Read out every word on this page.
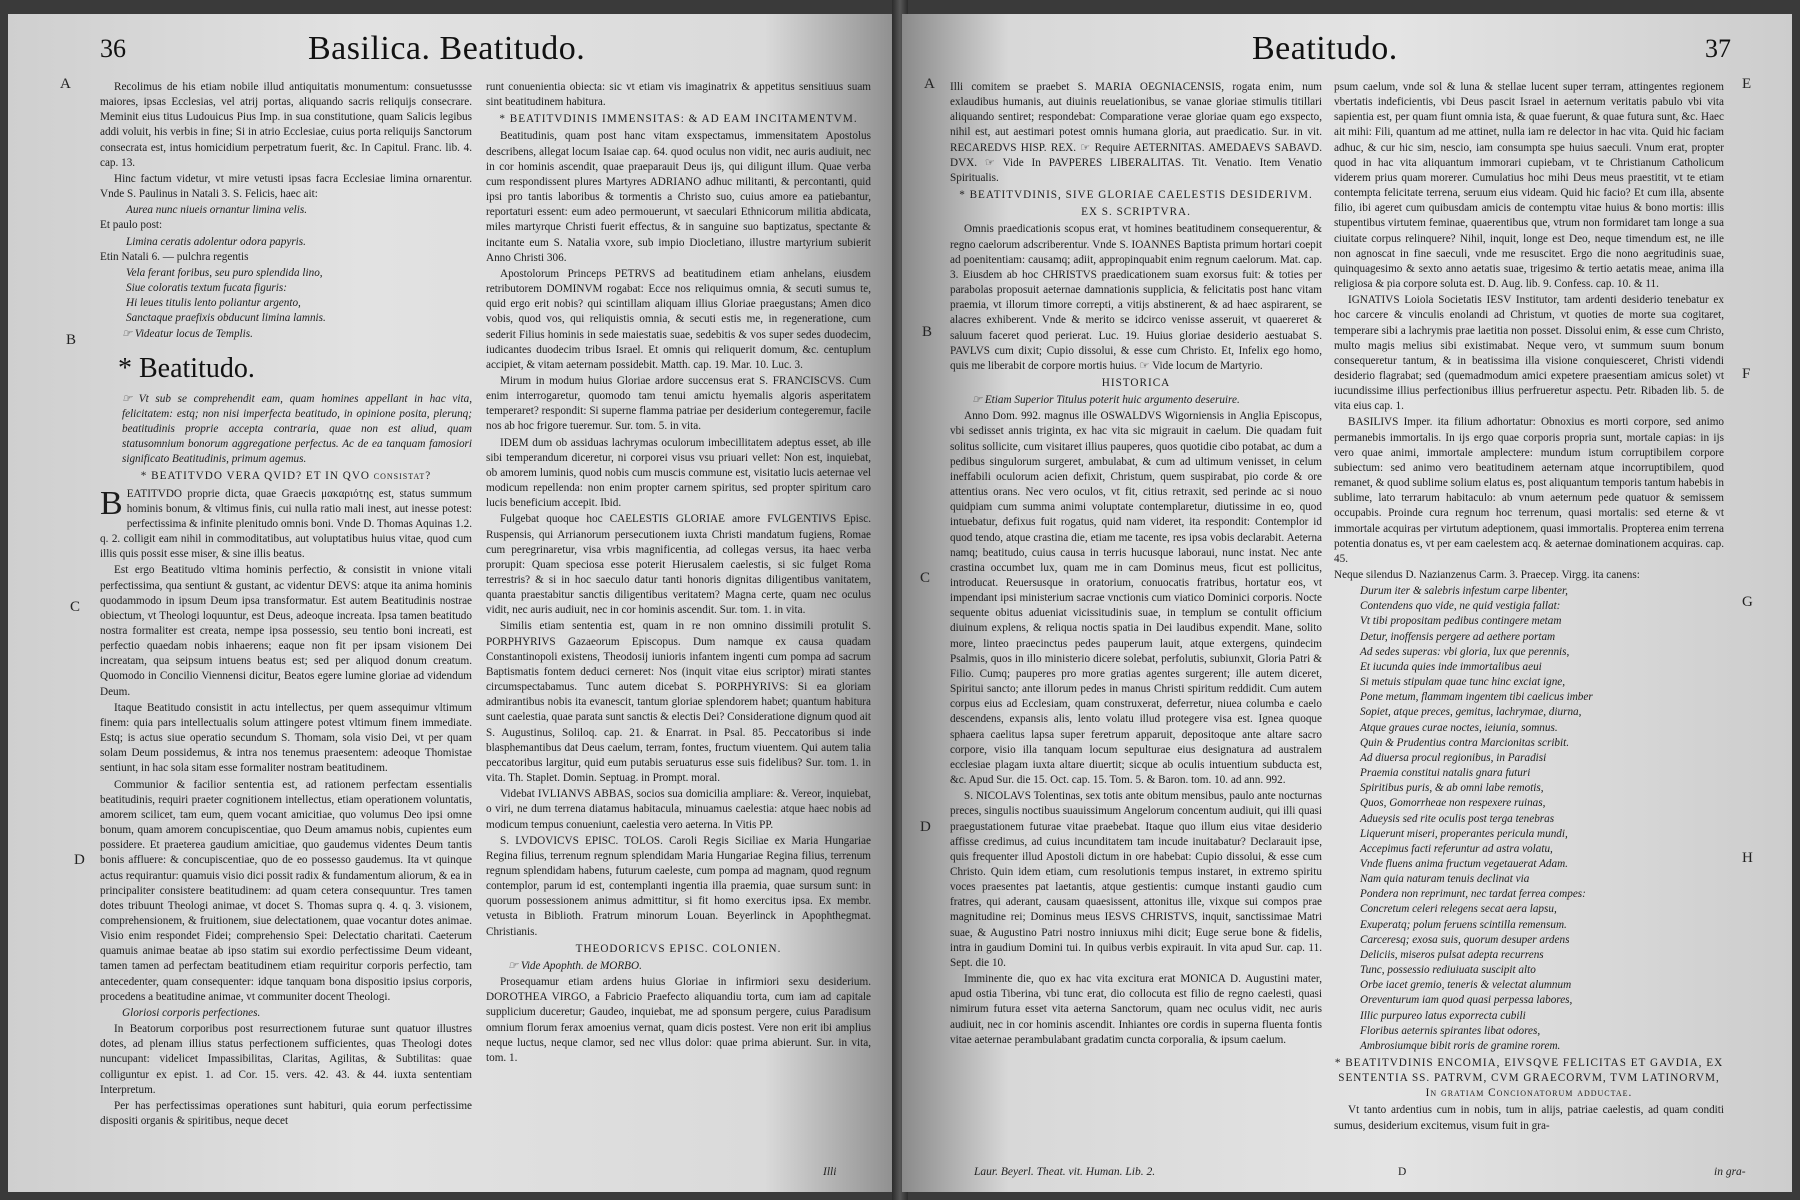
36	Basilica. Beatitudo.
A
B
C
D

Recolimus de his etiam nobile illud antiquitatis monumentum: consuetussse maiores, ipsas Ecclesias, vel atrij portas, aliquando sacris reliquijs consecrare. Meminit eius titus Ludouicus Pius Imp. in sua constitutione, quam Salicis legibus addi voluit, his verbis in fine; Si in atrio Ecclesiae, cuius porta reliquijs Sanctorum consecrata est, intus homicidium perpetratum fuerit, &c. In Capitul. Franc. lib. 4. cap. 13.

Hinc factum videtur, vt mire vetusti ipsas facra Ecclesiae limina ornarentur. Vnde S. Paulinus in Natali 3. S. Felicis, haec ait:

Aurea nunc niueis ornantur limina velis.

Et paulo post:

Limina ceratis adolentur odora papyris.

Etin Natali 6. — pulchra regentis

Vela ferant foribus, seu puro splendida lino,

Siue coloratis textum fucata figuris:

Hi leues titulis lento poliantur argento,

Sanctaque praefixis obducunt limina lamnis.

☞ Videatur locus de Templis.

* Beatitudo.

☞ Vt sub se comprehendit eam, quam homines appellant in hac vita, felicitatem: estq; non nisi imperfecta beatitudo, in opinione posita, plerunq; beatitudinis proprie accepta contraria, quae non est aliud, quam statusomnium bonorum aggregatione perfectus. Ac de ea tanquam famosiori significato Beatitudinis, primum agemus.

* BEATITVDO VERA QVID? ET IN QVO consistat?

BEATITVDO proprie dicta, quae Graecis μακαριότης est, status summum hominis bonum, & vltimus finis, cui nulla ratio mali inest, aut inesse potest: perfectissima & infinite plenitudo omnis boni. Vnde D. Thomas Aquinas 1.2. q. 2. colligit eam nihil in commoditatibus, aut voluptatibus huius vitae, quod cum illis quis possit esse miser, & sine illis beatus.

Est ergo Beatitudo vltima hominis perfectio, & consistit in vnione vitali perfectissima, qua sentiunt & gustant, ac videntur DEVS: atque ita anima hominis quodammodo in ipsum Deum ipsa transformatur. Est autem Beatitudinis nostrae obiectum, vt Theologi loquuntur, est Deus, adeoque increata. Ipsa tamen beatitudo nostra formaliter est creata, nempe ipsa possessio, seu tentio boni increati, est perfectio quaedam nobis inhaerens; eaque non fit per ipsam visionem Dei increatam, qua seipsum intuens beatus est; sed per aliquod donum creatum. Quomodo in Concilio Viennensi dicitur, Beatos egere lumine gloriae ad videndum Deum.

Itaque Beatitudo consistit in actu intellectus, per quem assequimur vltimum finem: quia pars intellectualis solum attingere potest vltimum finem immediate. Estq; is actus siue operatio secundum S. Thomam, sola visio Dei, vt per quam solam Deum possidemus, & intra nos tenemus praesentem: adeoque Thomistae sentiunt, in hac sola sitam esse formaliter nostram beatitudinem.

Communior & facilior sententia est, ad rationem perfectam essentialis beatitudinis, requiri praeter cognitionem intellectus, etiam operationem voluntatis, amorem scilicet, tam eum, quem vocant amicitiae, quo volumus Deo ipsi omne bonum, quam amorem concupiscentiae, quo Deum amamus nobis, cupientes eum possidere. Et praeterea gaudium amicitiae, quo gaudemus videntes Deum tantis bonis affluere: & concupiscentiae, quo de eo possesso gaudemus. Ita vt quinque actus requirantur: quamuis visio dici possit radix & fundamentum aliorum, & ea in principaliter consistere beatitudinem: ad quam cetera consequuntur. Tres tamen dotes tribuunt Theologi animae, vt docet S. Thomas supra q. 4. q. 3. visionem, comprehensionem, & fruitionem, siue delectationem, quae vocantur dotes animae. Visio enim respondet Fidei; comprehensio Spei: Delectatio charitati. Caeterum quamuis animae beatae ab ipso statim sui exordio perfectissime Deum videant, tamen tamen ad perfectam beatitudinem etiam requiritur corporis perfectio, tam antecedenter, quam consequenter: idque tanquam bona dispositio ipsius corporis, procedens a beatitudine animae, vt communiter docent Theologi.

Gloriosi corporis perfectiones.

In Beatorum corporibus post resurrectionem futurae sunt quatuor illustres dotes, ad plenam illius status perfectionem sufficientes, quas Theologi dotes nuncupant: videlicet Impassibilitas, Claritas, Agilitas, & Subtilitas: quae colliguntur ex epist. 1. ad Cor. 15. vers. 42. 43. & 44. iuxta sententiam Interpretum.

Per has perfectissimas operationes sunt habituri, quia eorum perfectissime dispositi organis & spiritibus, neque decet

runt conuenientia obiecta: sic vt etiam vis imaginatrix & appetitus sensitiuus suam sint beatitudinem habitura.

* BEATITVDINIS IMMENSITAS: & AD EAM INCITAMENTVM.

Beatitudinis, quam post hanc vitam exspectamus, immensitatem Apostolus describens, allegat locum Isaiae cap. 64. quod oculus non vidit, nec auris audiuit, nec in cor hominis ascendit, quae praeparauit Deus ijs, qui diligunt illum. Quae verba cum respondissent plures Martyres ADRIANO adhuc militanti, & percontanti, quid ipsi pro tantis laboribus & tormentis a Christo suo, cuius amore ea patiebantur, reportaturi essent: eum adeo permouerunt, vt saeculari Ethnicorum militia abdicata, miles martyrque Christi fuerit effectus, & in sanguine suo baptizatus, spectante & incitante eum S. Natalia vxore, sub impio Diocletiano, illustre martyrium subierit Anno Christi 306.

Apostolorum Princeps PETRVS ad beatitudinem etiam anhelans, eiusdem retributorem DOMINVM rogabat: Ecce nos reliquimus omnia, & secuti sumus te, quid ergo erit nobis? qui scintillam aliquam illius Gloriae praegustans; Amen dico vobis, quod vos, qui reliquistis omnia, & secuti estis me, in regeneratione, cum sederit Filius hominis in sede maiestatis suae, sedebitis & vos super sedes duodecim, iudicantes duodecim tribus Israel. Et omnis qui reliquerit domum, &c. centuplum accipiet, & vitam aeternam possidebit. Matth. cap. 19. Mar. 10. Luc. 3.

Mirum in modum huius Gloriae ardore succensus erat S. FRANCISCVS. Cum enim interrogaretur, quomodo tam tenui amictu hyemalis algoris asperitatem temperaret? respondit: Si superne flamma patriae per desiderium contegeremur, facile nos ab hoc frigore tueremur. Sur. tom. 5. in vita.

IDEM dum ob assiduas lachrymas oculorum imbecillitatem adeptus esset, ab ille sibi temperandum diceretur, ni corporei visus vsu priuari vellet: Non est, inquiebat, ob amorem luminis, quod nobis cum muscis commune est, visitatio lucis aeternae vel modicum repellenda: non enim propter carnem spiritus, sed propter spiritum caro lucis beneficium accepit. Ibid.

Fulgebat quoque hoc CAELESTIS GLORIAE amore FVLGENTIVS Episc. Ruspensis, qui Arrianorum persecutionem iuxta Christi mandatum fugiens, Romae cum peregrinaretur, visa vrbis magnificentia, ad collegas versus, ita haec verba prorupit: Quam speciosa esse poterit Hierusalem caelestis, si sic fulget Roma terrestris? & si in hoc saeculo datur tanti honoris dignitas diligentibus vanitatem, quanta praestabitur sanctis diligentibus veritatem? Magna certe, quam nec oculus vidit, nec auris audiuit, nec in cor hominis ascendit. Sur. tom. 1. in vita.

Similis etiam sententia est, quam in re non omnino dissimili protulit S. PORPHYRIVS Gazaeorum Episcopus. Dum namque ex causa quadam Constantinopoli existens, Theodosij iunioris infantem ingenti cum pompa ad sacrum Baptismatis fontem deduci cerneret: Nos (inquit vitae eius scriptor) mirati stantes circumspectabamus. Tunc autem dicebat S. PORPHYRIVS: Si ea gloriam admirantibus nobis ita evanescit, tantum gloriae splendorem habet; quantum habitura sunt caelestia, quae parata sunt sanctis & electis Dei? Consideratione dignum quod ait S. Augustinus, Soliloq. cap. 21. & Enarrat. in Psal. 85. Peccatoribus si inde blasphemantibus dat Deus caelum, terram, fontes, fructum viuentem. Qui autem talia peccatoribus largitur, quid eum putabis seruaturus esse suis fidelibus? Sur. tom. 1. in vita. Th. Staplet. Domin. Septuag. in Prompt. moral.

Videbat IVLIANVS ABBAS, socios sua domicilia ampliare: &. Vereor, inquiebat, o viri, ne dum terrena diatamus habitacula, minuamus caelestia: atque haec nobis ad modicum tempus conueniunt, caelestia vero aeterna. In Vitis PP.

S. LVDOVICVS EPISC. TOLOS. Caroli Regis Siciliae ex Maria Hungariae Regina filius, terrenum regnum splendidam Maria Hungariae Regina filius, terrenum regnum splendidam habens, futurum caeleste, cum pompa ad magnam, quod regnum contemplor, parum id est, contemplanti ingentia illa praemia, quae sursum sunt: in quorum possessionem animus admittitur, si fit homo exercitus ipsa. Ex membr. vetusta in Biblioth. Fratrum minorum Louan. Beyerlinck in Apophthegmat. Christianis.

THEODORICVS EPISC. COLONIEN.

☞ Vide Apophth. de MORBO.

Prosequamur etiam ardens huius Gloriae in infirmiori sexu desiderium. DOROTHEA VIRGO, a Fabricio Praefecto aliquandiu torta, cum iam ad capitale supplicium duceretur; Gaudeo, inquiebat, me ad sponsum pergere, cuius Paradisum omnium florum ferax amoenius vernat, quam dicis postest. Vere non erit ibi amplius neque luctus, neque clamor, sed nec vllus dolor: quae prima abierunt. Sur. in vita, tom. 1.

Illi
Beatitudo.	37
A
B
C
D
E
F
G
H

Illi comitem se praebet S. MARIA OEGNIACENSIS, rogata enim, num exlaudibus humanis, aut diuinis reuelationibus, se vanae gloriae stimulis titillari aliquando sentiret; respondebat: Comparatione verae gloriae quam ego exspecto, nihil est, aut aestimari potest omnis humana gloria, aut praedicatio. Sur. in vit. RECAREDVS HISP. REX. ☞ Require AETERNITAS. AMEDAEVS SABAVD. DVX. ☞ Vide In PAVPERES LIBERALITAS. Tit. Venatio. Item Venatio Spiritualis.

* BEATITVDINIS, SIVE GLORIAE CAELESTIS DESIDERIVM.

EX S. SCRIPTVRA.

Omnis praedicationis scopus erat, vt homines beatitudinem consequerentur, & regno caelorum adscriberentur. Vnde S. IOANNES Baptista primum hortari coepit ad poenitentiam: causamq; adiit, appropinquabit enim regnum caelorum. Mat. cap. 3. Eiusdem ab hoc CHRISTVS praedicationem suam exorsus fuit: & toties per parabolas proposuit aeternae damnationis supplicia, & felicitatis post hanc vitam praemia, vt illorum timore correpti, a vitijs abstinerent, & ad haec aspirarent, se alacres exhiberent. Vnde & merito se idcirco venisse asseruit, vt quaereret & saluum faceret quod perierat. Luc. 19. Huius gloriae desiderio aestuabat S. PAVLVS cum dixit; Cupio dissolui, & esse cum Christo. Et, Infelix ego homo, quis me liberabit de corpore mortis huius. ☞ Vide locum de Martyrio.

HISTORICA

☞ Etiam Superior Titulus poterit huic argumento deseruire.

Anno Dom. 992. magnus ille OSWALDVS Wigorniensis in Anglia Episcopus, vbi sedisset annis triginta, ex hac vita sic migrauit in caelum. Die quadam fuit solitus sollicite, cum visitaret illius pauperes, quos quotidie cibo potabat, ac dum a pedibus singulorum surgeret, ambulabat, & cum ad ultimum venisset, in celum ineffabili oculorum acien defixit, Christum, quem suspirabat, pio corde & ore attentius orans. Nec vero oculos, vt fit, citius retraxit, sed perinde ac si nouo quidpiam cum summa animi voluptate contemplaretur, diutissime in eo, quod intuebatur, defixus fuit rogatus, quid nam videret, ita respondit: Contemplor id quod tendo, atque crastina die, etiam me tacente, res ipsa vobis declarabit. Aeterna namq; beatitudo, cuius causa in terris hucusque laboraui, nunc instat. Nec ante crastina occumbet lux, quam me in cam Dominus meus, ficut est pollicitus, introducat. Reuersusque in oratorium, conuocatis fratribus, hortatur eos, vt impendant ipsi ministerium sacrae vnctionis cum viatico Dominici corporis. Nocte sequente obitus adueniat vicissitudinis suae, in templum se contulit officium diuinum explens, & reliqua noctis spatia in Dei laudibus expendit. Mane, solito more, linteo praecinctus pedes pauperum lauit, atque extergens, quindecim Psalmis, quos in illo ministerio dicere solebat, perfolutis, subiunxit, Gloria Patri & Filio. Cumq; pauperes pro more gratias agentes surgerent; ille autem diceret, Spiritui sancto; ante illorum pedes in manus Christi spiritum reddidit. Cum autem corpus eius ad Ecclesiam, quam construxerat, deferretur, niuea columba e caelo descendens, expansis alis, lento volatu illud protegere visa est. Ignea quoque sphaera caelitus lapsa super feretrum apparuit, depositoque ante altare sacro corpore, visio illa tanquam locum sepulturae eius designatura ad australem ecclesiae plagam iuxta altare diuertit; sicque ab oculis intuentium subducta est, &c. Apud Sur. die 15. Oct. cap. 15. Tom. 5. & Baron. tom. 10. ad ann. 992.

S. NICOLAVS Tolentinas, sex totis ante obitum mensibus, paulo ante nocturnas preces, singulis noctibus suauissimum Angelorum concentum audiuit, qui illi quasi praegustationem futurae vitae praebebat. Itaque quo illum eius vitae desiderio affisse credimus, ad cuius incunditatem tam incude inuitabatur? Declarauit ipse, quis frequenter illud Apostoli dictum in ore habebat: Cupio dissolui, & esse cum Christo. Quin idem etiam, cum resolutionis tempus instaret, in extremo spiritu voces praesentes pat laetantis, atque gestientis: cumque instanti gaudio cum fratres, qui aderant, causam quaesissent, attonitus ille, vixque sui compos prae magnitudine rei; Dominus meus IESVS CHRISTVS, inquit, sanctissimae Matri suae, & Augustino Patri nostro inniuxus mihi dicit; Euge serue bone & fidelis, intra in gaudium Domini tui. In quibus verbis expirauit. In vita apud Sur. cap. 11. Sept. die 10.

Imminente die, quo ex hac vita excitura erat MONICA D. Augustini mater, apud ostia Tiberina, vbi tunc erat, dio collocuta est filio de regno caelesti, quasi nimirum futura esset vita aeterna Sanctorum, quam nec oculus vidit, nec auris audiuit, nec in cor hominis ascendit. Inhiantes ore cordis in superna fluenta fontis vitae aeternae perambulabant gradatim cuncta corporalia, & ipsum caelum.

psum caelum, vnde sol & luna & stellae lucent super terram, attingentes regionem vbertatis indeficientis, vbi Deus pascit Israel in aeternum veritatis pabulo vbi vita sapientia est, per quam fiunt omnia ista, & quae fuerunt, & quae futura sunt, &c. Haec ait mihi: Fili, quantum ad me attinet, nulla iam re delector in hac vita. Quid hic faciam adhuc, & cur hic sim, nescio, iam consumpta spe huius saeculi. Vnum erat, propter quod in hac vita aliquantum immorari cupiebam, vt te Christianum Catholicum viderem prius quam morerer. Cumulatius hoc mihi Deus meus praestitit, vt te etiam contempta felicitate terrena, seruum eius videam. Quid hic facio? Et cum illa, absente filio, ibi ageret cum quibusdam amicis de contemptu vitae huius & bono mortis: illis stupentibus virtutem feminae, quaerentibus que, vtrum non formidaret tam longe a sua ciuitate corpus relinquere? Nihil, inquit, longe est Deo, neque timendum est, ne ille non agnoscat in fine saeculi, vnde me resuscitet. Ergo die nono aegritudinis suae, quinquagesimo & sexto anno aetatis suae, trigesimo & tertio aetatis meae, anima illa religiosa & pia corpore soluta est. D. Aug. lib. 9. Confess. cap. 10. & 11.

IGNATIVS Loiola Societatis IESV Institutor, tam ardenti desiderio tenebatur ex hoc carcere & vinculis enolandi ad Christum, vt quoties de morte sua cogitaret, temperare sibi a lachrymis prae laetitia non posset. Dissolui enim, & esse cum Christo, multo magis melius sibi existimabat. Neque vero, vt summum suum bonum consequeretur tantum, & in beatissima illa visione conquiesceret, Christi videndi desiderio flagrabat; sed (quemadmodum amici expetere praesentiam amicus solet) vt iucundissime illius perfectionibus illius perfrueretur aspectu. Petr. Ribaden lib. 5. de vita eius cap. 1.

BASILIVS Imper. ita filium adhortatur: Obnoxius es morti corpore, sed animo permanebis immortalis. In ijs ergo quae corporis propria sunt, mortale capias: in ijs vero quae animi, immortale amplectere: mundum istum corruptibilem corpore subiectum: sed animo vero beatitudinem aeternam atque incorruptibilem, quod remanet, & quod sublime solium elatus es, post aliquantum temporis tantum habebis in sublime, lato terrarum habitaculo: ab vnum aeternum pede quatuor & semissem occupabis. Proinde cura regnum hoc terrenum, quasi mortalis: sed eterne & vt immortale acquiras per virtutum adeptionem, quasi immortalis. Propterea enim terrena potentia donatus es, vt per eam caelestem acq. & aeternae dominationem acquiras. cap. 45.

Neque silendus D. Nazianzenus Carm. 3. Praecep. Virgg. ita canens:

Durum iter & salebris infestum carpe libenter,

Contendens quo vide, ne quid vestigia fallat:

Vt tibi propositam pedibus contingere metam

Detur, inoffensis pergere ad aethere portam

Ad sedes superas: vbi gloria, lux que perennis,

Et iucunda quies inde immortalibus aeui

Si metuis stipulam quae tunc hinc exciat igne,

Pone metum, flammam ingentem tibi caelicus imber

Sopiet, atque preces, gemitus, lachrymae, diurna,

Atque graues curae noctes, ieiunia, somnus.

Quin & Prudentius contra Marcionitas scribit.

Ad diuersa procul regionibus, in Paradisi

Praemia constitui natalis gnara futuri

Spiritibus puris, & ab omni labe remotis,

Quos, Gomorrheae non respexere ruinas,

Adueysis sed rite oculis post terga tenebras

Liquerunt miseri, properantes pericula mundi,

Accepimus facti referuntur ad astra volatu,

Vnde fluens anima fructum vegetauerat Adam.

Nam quia naturam tenuis declinat via

Pondera non reprimunt, nec tardat ferrea compes:

Concretum celeri relegens secat aera lapsu,

Exuperatq; polum feruens scintilla remensum.

Carceresq; exosa suis, quorum desuper ardens

Deliciis, miseros pulsat adepta recurrens

Tunc, possessio rediuiuata suscipit alto

Orbe iacet gremio, teneris & velectat alumnum

Oreventurum iam quod quasi perpessa labores,

Illic purpureo latus exporrecta cubili

Floribus aeternis spirantes libat odores,

Ambrosiumque bibit roris de gramine rorem.

* BEATITVDINIS ENCOMIA, EIVSQVE FELICITAS ET GAVDIA, EX SENTENTIA SS. PATRVM, CVM GRAECORVM, TVM LATINORVM, In gratiam Concionatorum adductae.

Vt tanto ardentius cum in nobis, tum in alijs, patriae caelestis, ad quam conditi sumus, desiderium excitemus, visum fuit in gra-

Laur. Beyerl. Theat. vit. Human. Lib. 2.	D	in gra-
